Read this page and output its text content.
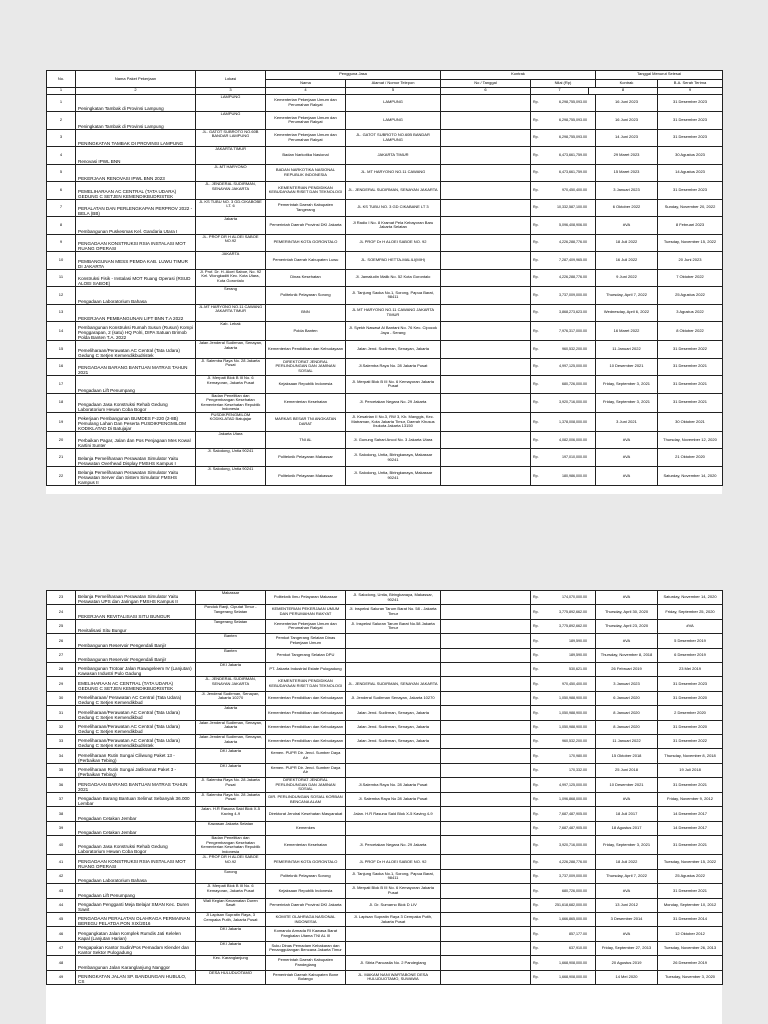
No.	Nama Paket Pekerjaan	Lokasi	Pengguna Jasa		Kontrak			Tanggal Menurut Selesai	
			Nama	Alamat / Nomor Telepon	No / Tanggal	Nilai (Rp)		Kontrak	B.A. Serah Terima
1	2	3	4	5	6	7	8		9
1	Peningkatan Tambak di Provinsi Lampung	LAMPUNG	Kementerian Pekerjaan Umum dan Perumahan Rakyat	LAMPUNG		Rp. 6,298,755,093.00		16 Juni 2023	31 Desember 2023
2	Peningkatan Tambak di Provinsi Lampung	LAMPUNG	Kementerian Pekerjaan Umum dan Perumahan Rakyat	LAMPUNG		Rp. 6,298,755,093.00		16 Juni 2023	31 Desember 2023
3	PENINGKATAN TAMBAK DI PROVINSI LAMPUNG	JL. GATOT SUBROTO NO.60B BANDAR LAMPUNG	Kementerian Pekerjaan Umum dan Perumahan Rakyat	JL. GATOT SUBROTO NO.60B BANDAR LAMPUNG		Rp. 6,298,755,093.00		14 Juni 2023	31 Desember 2023
4	Renovasi IPWL BNN	JAKARTA TIMUR	Badan Narkotika Nasional	JAKARTA TIMUR		Rp. 6,473,661,759.00		29 Maret 2023	30 Agustus 2023
5	PEKERJAAN RENOVASI IPWL BNN 2023	JL.MT HARYONO	BADAN NARKOTIKA NASIONAL REPUBLIK INDONESIA	JL. MT HARYONO NO.11 CAWANG		Rp. 6,473,661,759.00		15 Maret 2023	14 Agustus 2023
6	PEMELIHARAAN AC CENTRAL (TATA UDARA) GEDUNG C SETJEN KEMENDIKBUDRISTEK	JL. JENDERAL SUDIRMAN, SENAYAN JAKARTA	KEMENTERIAN PENDIDIKAN KEBUDAYAAN RISET DAN TEKNOLOGI	JL. JENDERAL SUDIRMAN, SENAYAN JAKARTA		Rp. 970,450,400.00		3 Januari 2023	31 Desember 2023
7	PERALATAN DAN PERLENGKAPAN PERPROV 2022 - BELA (BB)	JL KS TUBU NO. 3 GD.CIKABOBE LT. 6	Pemerintah Daerah Kabupaten Tangerang	JL KS TUBU NO. 3 GD CIKABANE LT 3		Rp. 10,332,587,100.00		6 Oktober 2022	Sunday, November 20, 2022
8	Pembangunan Puskesmas Kel. Gandaria Utara I	Jakarta	Pemerintah Daerah Provinsi DKI Jakarta	Jl Radio I No. 8 Kramat Pela Kebayoran Baru Jakarta Selatan		Rp. 5,096,408,906.00		#VA	8 Februari 2023
9	PENGADAAN KONSTRUKSI RSIA INSTALASI MOT RUANG OPERASI	JL. PROF DR H ALOEI SABOE NO.92	PEMERINTAH KOTA GORONTALO	JL PROF Dr H ALOEI SABOE NO. 92		Rp. 4,226,288,776.00		18 Juli 2022	Tuesday, November 15, 2022
10	PEMBANGUNAN MESS PEMDA KAB. LUWU TIMUR DI JAKARTA	JAKARTA	Pemerintah Daerah Kabupaten Luwu	JL. SOEMPAD HETTA-MALILI(MIH)		Rp. 7,287,409,965.00		16 Juli 2022	20 Juni 2023
11	Konstruksi Fisik - Instalasi MOT Ruang Operasi (RSUD ALOEI SABOE)	Jl. Prof. Dr. H. Aloei Saboe, No. 92 Kel. Wongkaditi Kec. Kota Utara, Kota Gorontalo	Dinas Kesehatan	Jl. Jamaludin Malik No. 52 Kota Gorontalo		Rp. 4,226,288,776.00		9 Juni 2022	7 Oktober 2022
12	Pengadaan Laboratorium Bahasa	Serang	Politeknik Pelayaran Sorong	Jl. Tanjung Saoka No.1, Sorong, Papua Barat, 98411		Rp. 3,737,009,000.00		Thursday, April 7, 2022	25 Agustus 2022
13	PEKERJAAN PEMBANGUNAN LIFT BNN T.A 2022	JL.MT HARYONO NO.11 CAWANG JAKARTA TIMUR	BNN	JL MT HARYONO NO.11 CAWANG JAKARTA TIMUR		Rp. 3,868,273,623.00		Wednesday, April 6, 2022	3 Agustus 2022
14	Pembangunan Konstruksi Rumah Susun (Rusun) Kompi Penggarapan, 2 (satu) HQ Polri, DIPA Satuan Brimob Polda Banten T.A. 2022	Kab. Lebak	Polda Banten	Jl. Syekh Nawawi Al Bantani No. 76 Kec. Cipocok Jaya - Serang		Rp. 7,976,317,000.00		16 Maret 2022	8 Oktober 2022
15	Pemeliharaan/Perawatan AC Central (Tata Udara) Gedung C Setjen Kemendikbudristek	Jalan Jenderal Sudirman, Senayan, Jakarta	Kementerian Pendidikan dan Kebudayaan	Jalan Jend. Sudirman, Senayan, Jakarta		Rp. 960,532,200.00		11 Januari 2022	31 Desember 2022
16	PENGADAAN BARANG BANTUAN MATRAS TAHUN 2021	Jl. Salemba Raya No. 28 Jakarta Pusat	DIREKTORAT JENDRAL PERLINDUNGAN DAN JAMINAN SOSIAL	Jl.Salemba Raya No. 28 Jakarta Pusat		Rp. 4,997,125,000.00		10 Desember 2021	31 Desember 2021
17	Pengadaan Lift Penumpang	Jl. Merpati Blok B III No. 6 Kemayoran, Jakarta Pusat	Kejaksaan Republik Indonesia	Jl. Merpati Blok B III No. 6 Kemayoran Jakarta Pusat		Rp. 680,726,000.00		Friday, September 3, 2021	31 Desember 2021
18	Pengadaan Jasa Konstruksi Rehab Gedung Laboratorium Hewan Coba Bogor	Badan Penelitian dan Pengembangan Kesehatan Kementerian Kesehatan Republik Indonesia	Kementerian Kesehatan	Jl. Percetakan Negara No. 29 Jakarta		Rp. 3,920,716,000.00		Friday, September 3, 2021	31 Desember 2021
19	Pekerjaan Pembangunan BUMDES F-220 (2-8B) Pemulang Lahan Dan Peserta PUSDIKPENGMILOM KODIKLATAD Di Batujajar	PUSDIKPENGMILOM KODIKLATAD Batujajar	MARKAS BESAR TNI ANGKATAN DARAT	Jl. Kesatrian II No.3, RW 3, Kb. Manggis, Kec. Matraman, Kota Jakarta Timur, Daerah Khusus Ibukota Jakarta 13150		Rp. 1,378,008,000.00		3 Juni 2021	30 Oktober 2021
20	Perbaikan Pagar, Jalan dan Pos Penjagaan Mes Kowal Kartini Sunter	Jakarta Utara	TNI AL	Jl. Gunung Sahari Ancol No. 3 Jakarta Utara		Rp. 4,082,006,000.00		#VA	Thursday, November 12, 2020
21	Belanja Pemeliharaan Perawatan Simulator Yaitu Perawatan Overhead Display FMSHS Kampus I	Jl. Salodong, Untia 90241	Politeknik Pelayaran Makassar	Jl. Salodong, Untia, Biringkanaya, Makassar 90241		Rp. 197,010,000.00		#VA	21 Oktober 2020
22	Belanja Pemeliharaan Perawatan Simulator Yaitu Perawatan Server dan Sistem Simulator FMSHS Kampus II	Jl. Salodong, Untia 90241	Politeknik Pelayaran Makassar	Jl. Salodong, Untia, Biringkanaya, Makassar 90241		Rp. 180,986,000.00		#VA	Saturday, November 14, 2020
23	Belanja Pemeliharaan Perawatan Simulator Yaitu Perawatan UPS dan Jaringan FMSHS Kampus II	Makassar	Politeknik Ilmu Pelayaran Makassar	Jl. Salodong, Untia, Biringkanaya, Makassar, 90241		Rp. 174,070,000.00	#VA	Saturday, November 14, 2020
24	PEKERJAAN REVITALISASI SITU BUNGUR	Pondok Ranji, Ciputat Timur - Tangerang Selatan	KEMENTERIAN PEKERJAAN UMUM DAN PERUMAHAN RAKYAT	Jl. Inspeksi Saluran Tarum Barat No. 58 - Jakarta Timur		Rp. 3,775,892,662.00	Thursday, April 30, 2020	Friday, September 25, 2020
25	Revitalisasi Situ Bungur	Tangerang Selatan	Kementerian Pekerjaan Umum dan Perumahan Rakyat	Jl. Inspeksi Saluran Tarum Barat No.58 Jakarta Timur		Rp. 3,775,892,662.00	Thursday, April 23, 2020	#VA
26	Pembangunan Reservoir Pengendali Banjir	Banten	Pemkot Tangerang Selatan Dinas Pekerjaan Umum			Rp. 189,590.00	#VA	5 Desember 2019
27	Pembangunan Reservoir Pengendali Banjir	Banten	Pemkot Tangerang Selatan DPU			Rp. 189,590.00	Thursday, November 8, 2018	6 Desember 2019
28	Pembangunan Trotoar Jalan Rawageleem IV (Lanjutan) Kawasan Industri Pulo Gadung	DKI Jakarta	PT. Jakarta Industrial Estate Pulogadung			Rp. 530,621.00	26 Februari 2019	23 Mei 2019
29	EMELIHARAAN AC CENTRAL (TATA UDARA) GEDUNG C SETJEN KEMENDIKBUDRISTEK	JL. JENDERAL SUDIRMAN, SENAYAN JAKARTA	KEMENTERIAN PENDIDIKAN KEBUDAYAAN RISET DAN TEKNOLOGI	JL. JENDERAL SUDIRMAN, SENAYAN JAKARTA		Rp. 970,450,400.00	3 Januari 2023	31 Desember 2023
30	Pemeliharaan/ Perawatan AC Central (Tata Udara) Gedung C Setjen Kemendikbud	Jl. Jenderal Sudirman, Senayan, Jakarta 10270	Kementerian Pendidikan dan Kebudayaan	Jl. Jenderal Sudirman Senayan, Jakarta 10270		Rp. 1,050,988,900.00	6 Januari 2020	31 Desember 2020
31	Pemeliharaan/Perawatan AC Central (Tata Udara) Gedung C Setjen Kemendikbud	Jakarta	Kementerian Pendidikan dan Kebudayaan	Jalan Jend. Sudirman, Senayan, Jakarta		Rp. 1,050,988,900.00	8 Januari 2020	2 Desember 2020
32	Pemeliharaan/Perawatan AC Central (Tata Udara) Gedung C Setjen Kemendikbud	Jalan Jenderal Sudirman, Senayan, Jakarta	Kementerian Pendidikan dan Kebudayaan	Jalan Jend. Sudirman, Senayan, Jakarta		Rp. 1,050,988,900.00	8 Januari 2020	31 Desember 2020
33	Pemeliharaan/Perawatan AC Central (Tata Udara) Gedung C Setjen Kemendikbudristek	Jalan Jenderal Sudirman, Senayan, Jakarta	Kementerian Pendidikan dan Kebudayaan	Jalan Jend. Sudirman, Senayan, Jakarta		Rp. 960,532,200.00	11 Januari 2022	31 Desember 2022
34	Pemeliharaan Rutin Sungai Ciliwung Paket 13 - (Perbaikan Tebing)	DKI Jakarta	Kemen. PUPR Dir. Jend. Sumber Daya Air			Rp. 170,980.00	15 Oktober 2018	Thursday, November 8, 2018
35	Pemeliharaan Rutin Sungai Jatikramat Paket 3 - (Perbaikan Tebing)	DKI Jakarta	Kemen. PUPR Dir. Jend. Sumber Daya Air			Rp. 170,332.00	25 Juni 2018	19 Juli 2018
36	PENGADAAN BARANG BANTUAN MATRAS TAHUN 2021	Jl. Salemba Raya No. 28 Jakarta Pusat	DIREKTORAT JENDRAL PERLINDUNGAN DAN JAMINAN SOSIAL	Jl.Salemba Raya No. 28 Jakarta Pusat		Rp. 4,997,125,000.00	10 Desember 2021	31 Desember 2021
37	Pengadaan Barang Bantuan Selimut Sebanyak 36.000 Lembar	Jl. Salemba Raya No. 28 Jakarta Pusat	DIR. PERLINDUNGAN SOSIAL KORBAN BENCANA ALAM	Jl. Salemba Raya No 28 Jakarta Pusat		Rp. 1,096,868,000.00	#VA	Friday, November 9, 2012
38	Pengadaan Cetakan Jembar	Jalan. H.R Rasuna Said Blok X-5 Kaving 4-9	Direktorat Jendral Kesehatan Masyarakat	Jalan. H.R Rasuna Said Blok X-5 Kaving 4-9		Rp. 7,687,487,905.00	18 Juli 2017	14 Desember 2017
39	Pengadaan Cetakan Jembar	Kawasan Jakarta Selatan	Kemenkes			Rp. 7,687,487,905.00	18 Agustus 2017	14 Desember 2017
40	Pengadaan Jasa Konstruksi Rehab Gedung Laboratorium Hewan Coba Bogor	Badan Penelitian dan Pengembangan Kesehatan Kementerian Kesehatan Republik Indonesia	Kementerian Kesehatan	Jl. Percetakan Negara No. 29 Jakarta		Rp. 3,920,716,000.00	Friday, September 3, 2021	31 Desember 2021
41	PENGADAAN KONSTRUKSI RSIA INSTALASI MOT RUANG OPERASI	JL. PROF DR H ALOEI SABOE NO.92	PEMERINTAH KOTA GORONTALO	JL PROF Dr H ALOEI SABOE NO. 92		Rp. 4,226,288,776.00	18 Juli 2022	Tuesday, November 15, 2022
42	Pengadaan Laboratorium Bahasa	Sorong	Politeknik Pelayaran Sorong	Jl. Tanjung Saoka No.1, Sorong, Papua Barat, 98411		Rp. 3,737,009,000.00	Thursday, April 7, 2022	25 Agustus 2022
43	Pengadaan Lift Penumpang	Jl. Merpati Blok B III No. 6 Kemayoran, Jakarta Pusat	Kejaksaan Republik Indonesia	Jl. Merpati Blok B III No. 6 Kemayoran Jakarta Pusat		Rp. 680,726,000.00	#VA	31 Desember 2021
44	Pengadaan Pengganti Meja Belajar SMAN Kec. Duren Sawit	Wali Kegian Kecamatan Duren Sawit	Pemerintah Daerah Provinsi DKI Jakarta	Jl. Dr. Sumarno Blok D LIV		Rp. 251,618,682,000.00	13 Juni 2012	Monday, September 10, 2012
45	PENGADAAN PERALATAN OLAHRAGA PERMAINAN BEREGU PELATDA PON XIX/2016	Jl Lapisan Supratin Raya, 3 Cempaka Putih, Jakarta Pusat	KOMITE OLAHRAGA NASIONAL INDONESIA	Jl. Lapisan Supratin Raya 3 Cempaka Putih, Jakarta Pusat		Rp. 1,666,865,000.00	3 Desember 2014	31 Desember 2014
46	Pengangkatan Jalan Komplek Rumdis Jati Kelelen Kapal (Lanjutan Harian)	DKI Jakarta	Komando Armada RI Kawasa Barat Pangkalan Utama TNI AL III			Rp. 857,177.00	#VA	12 Oktober 2012
47	Pengapakan Kantor Sudin/Pos Pemadam Klender dan Kantor Sektor Pulogadung	DKI Jakarta	Suku Dinas Pemadam Kebakaran dan Penanggulangan Bencana Jakarta Timur			Rp. 637,910.00	Friday, September 27, 2013	Tuesday, November 26, 2013
48	Pembangunan Jalan Karanglanjung Nanggor	Kec. Karanglanjung	Pemerintah Daerah Kabupaten Pandeglang	Jl. Stiria Pancasila No. 2 Pandeglang		Rp. 1,668,908,000.00	20 Agustus 2019	26 Desember 2019
49	PENINGKATAN JALAN SP. BANDUNGAN HUBULO, CS	DESA HULUDUOTAMO	Pemerintah Daerah Kabupaten Bone Bolango	JL. MAKAM NANI WARTABONE DESA HULUDUOTAMO, SUWAWA		Rp. 1,668,908,000.00	14 Mei 2020	Tuesday, November 3, 2020
